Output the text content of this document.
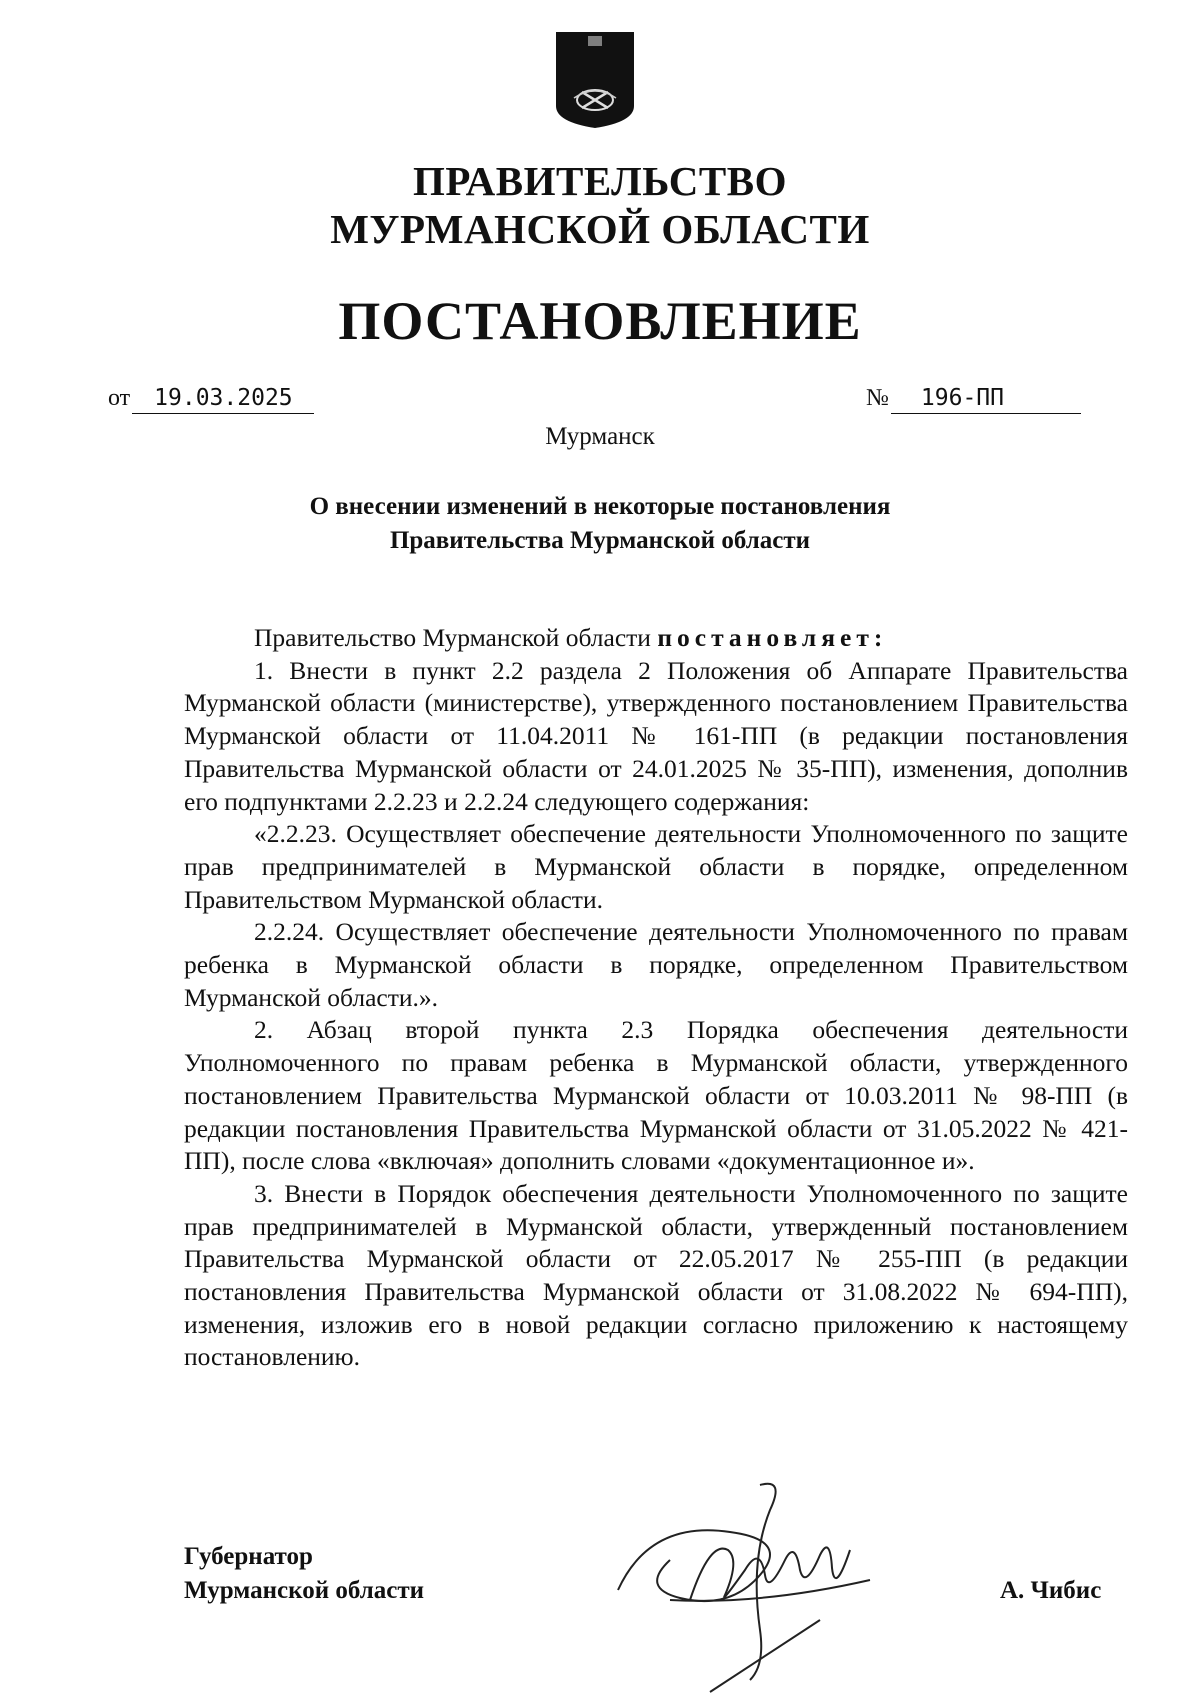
ПРАВИТЕЛЬСТВО
МУРМАНСКОЙ ОБЛАСТИ
ПОСТАНОВЛЕНИЕ
от 19.03.2025	№ 196-ПП
Мурманск
О внесении изменений в некоторые постановления
Правительства Мурманской области

Правительство Мурманской области постановляет:

1. Внести в пункт 2.2 раздела 2 Положения об Аппарате Правительства Мурманской области (министерстве), утвержденного постановлением Правительства Мурманской области от 11.04.2011 № 161-ПП (в редакции постановления Правительства Мурманской области от 24.01.2025 № 35-ПП), изменения, дополнив его подпунктами 2.2.23 и 2.2.24 следующего содержания:

«2.2.23. Осуществляет обеспечение деятельности Уполномоченного по защите прав предпринимателей в Мурманской области в порядке, определенном Правительством Мурманской области.

2.2.24. Осуществляет обеспечение деятельности Уполномоченного по правам ребенка в Мурманской области в порядке, определенном Правительством Мурманской области.».

2. Абзац второй пункта 2.3 Порядка обеспечения деятельности Уполномоченного по правам ребенка в Мурманской области, утвержденного постановлением Правительства Мурманской области от 10.03.2011 № 98-ПП (в редакции постановления Правительства Мурманской области от 31.05.2022 № 421-ПП), после слова «включая» дополнить словами «документационное и».

3. Внести в Порядок обеспечения деятельности Уполномоченного по защите прав предпринимателей в Мурманской области, утвержденный постановлением Правительства Мурманской области от 22.05.2017 № 255-ПП (в редакции постановления Правительства Мурманской области от 31.08.2022 № 694-ПП), изменения, изложив его в новой редакции согласно приложению к настоящему постановлению.

Губернатор
Мурманской области	А. Чибис
